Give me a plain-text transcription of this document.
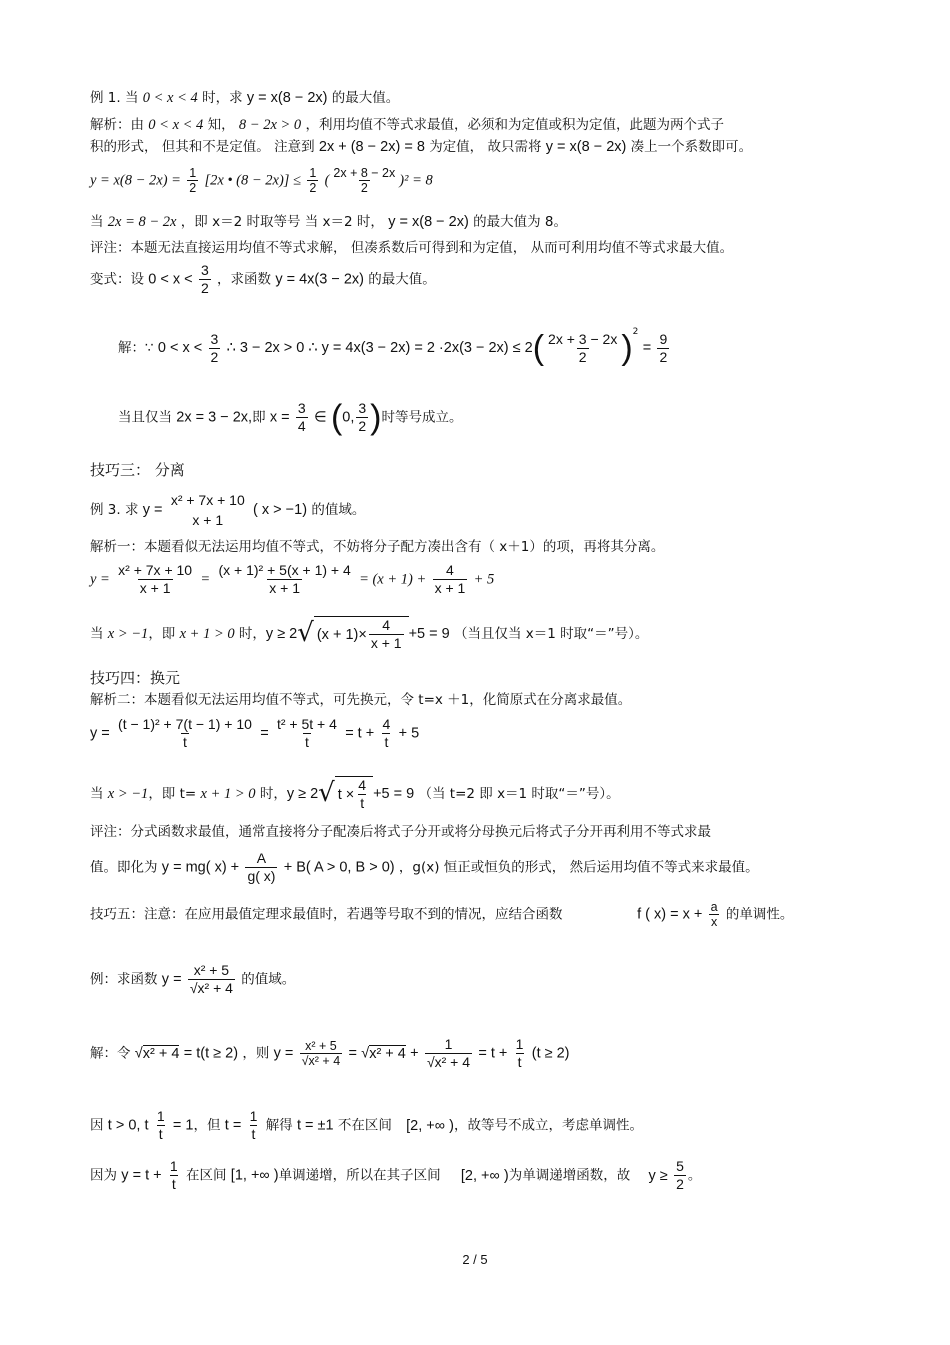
例 1. 当 0 < x < 4 时，求 y = x(8 − 2x) 的最大值。
解析：由 0 < x < 4 知， 8 − 2x > 0 ，利用均值不等式求最值，必须和为定值或积为定值，此题为两个式子
积的形式， 但其和不是定值。 注意到 2x + (8 − 2x) = 8 为定值， 故只需将 y = x(8 − 2x) 凑上一个系数即可。
$y = x(8 - 2x) = \frac{1}{2} [2x$ • $(8 - 2x)] \le \frac{1}{2}$ ( $\frac{2x + 8 - 2x}{2} )^2 = 8$
当 2x = 8 − 2x ，即 x＝2 时取等号 当 x＝2 时， y = x(8 − 2x) 的最大值为 8。
评注：本题无法直接运用均值不等式求解， 但凑系数后可得到和为定值， 从而可利用均值不等式求最大值。
变式：设 $0 < x < \frac{3}{2}$ ，求函数 y = 4x(3 − 2x) 的最大值。
解：∵ $0 < x < \frac{3}{2}$ ∴ 3 − 2x > 0 ∴ $y = 4x(3 - 2x) = 2 \cdot 2x(3 - 2x) \le 2( \frac{2x + 3 - 2x}{2} )^2 = \frac{9}{2}$
当且仅当 2x = 3 − 2x,即 $x = \frac{3}{4}$ ∈ (0, $\frac{3}{2}$ )时等号成立。
技巧三： 分离
例 3. 求 y =
x² + 7x + 10
x + 1
( x > −1) 的值域。
解析一：本题看似无法运用均值不等式，不妨将分子配方凑出含有（ x＋1）的项，再将其分离。
$y = \frac{\text{x² + 7x + 10}}{x + 1} = \frac{\text{(x + 1)² + 5(x + 1) + 4}}{x + 1} = (x + 1) + \frac{4}{x + 1} + 5$
当 x > −1，即 x + 1 > 0 时，y ≥ 2 √ $(x + 1)\times \frac{4}{x + 1} +5 = 9$ （当且仅当 x＝1 时取“＝”号）。
技巧四：换元
解析二：本题看似无法运用均值不等式，可先换元，令 t=x ＋1，化简原式在分离求最值。
$y = \frac{\text{(t − 1)² + 7(t − 1) + 10}}{t} = \frac{\text{t² + 5t + 4}}{t} = t + \frac{4}{t} + 5$
当 x > −1，即 t= x + 1 > 0 时，y ≥ 2 √ $t \times \frac{4}{t} +5 = 9$ （当 t=2 即 x＝1 时取“＝”号）。
评注：分式函数求最值，通常直接将分子配凑后将式子分开或将分母换元后将式子分开再利用不等式求最
值。即化为 y = mg( $x) + \frac{A}{g( x)} + B$( A > 0, B > 0) ，g(x) 恒正或恒负的形式， 然后运用均值不等式来求最值。
技巧五：注意：在应用最值定理求最值时，若遇等号取不到的情况，应结合函数	f ( $x) = x + \frac{a}{x}$ 的单调性。
例：求函数 $y = \frac{\text{x² + 5}}{\text{√x² + 4}}$ 的值域。
解：令 √x² + 4 = t(t ≥ 2) ，则 $y = \frac{\text{x² + 5}}{\text{√x² + 4}} = √x^2 + 4 + \frac{1}{\text{√x² + 4}} = t + \frac{1}{t} (t \ge 2)$
因 t > 0, t $\frac{1}{t} = 1$，但 $t = \frac{1}{t}$ 解得 t = ±1 不在区间 [2, +∞ )，故等号不成立，考虑单调性。
因为 $y = t + \frac{1}{t}$ 在区间 [1, +∞ )单调递增，所以在其子区间 [2, +∞ )为单调递增函数，故 $y \ge \frac{5}{2}$ 。
2 / 5
